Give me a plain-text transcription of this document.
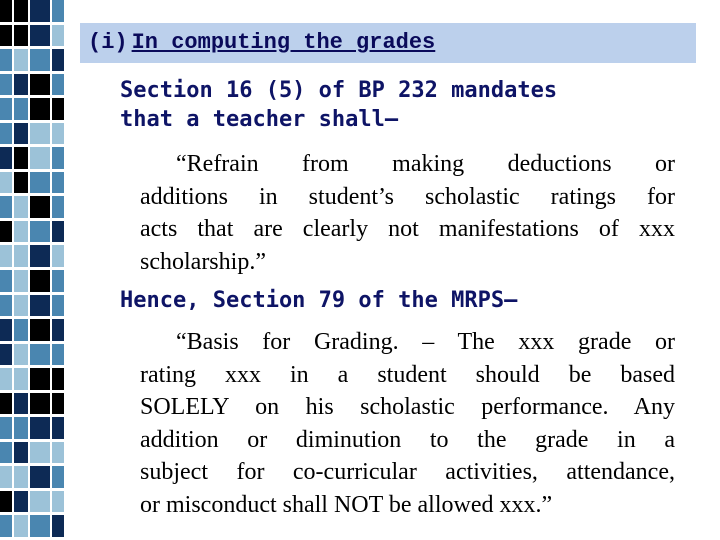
(i) In computing the grades
Section 16 (5) of BP 232 mandates
that a teacher shall—
“Refrain from making deductions or
additions in student’s scholastic ratings for
acts that are clearly not manifestations of xxx
scholarship.”
Hence, Section 79 of the MRPS—
“Basis for Grading. – The xxx grade or
rating xxx in a student should be based
SOLELY on his scholastic performance. Any
addition or diminution to the grade in a
subject for co-curricular activities, attendance,
or misconduct shall NOT be allowed xxx.”
